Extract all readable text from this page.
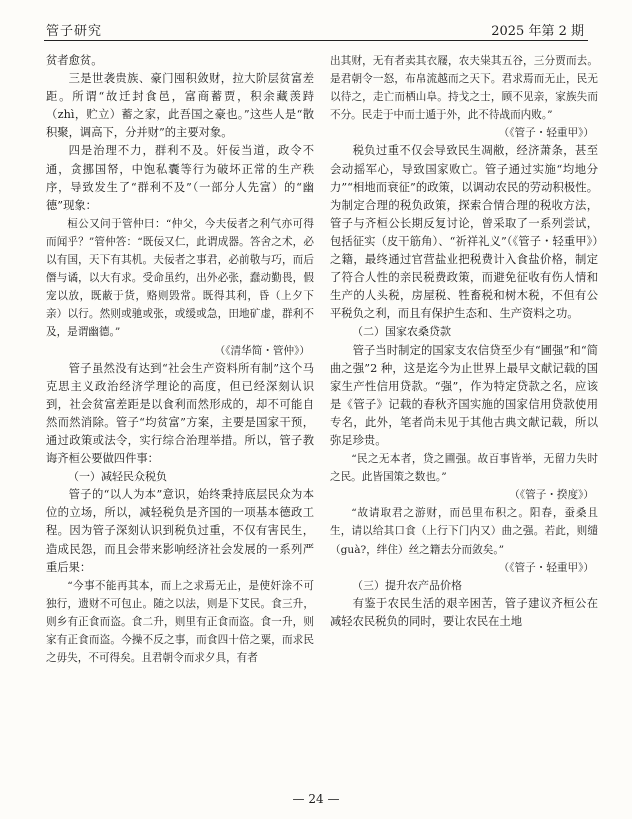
管子研究	2025 年第 2 期

贫者愈贫。

三是世袭贵族、豪门囤积敛财，拉大阶层贫富差距。所谓“故迁封食邑，富商蓄贾，积余藏羡跱（zhì，贮立）蓄之家，此吾国之豪也。”这些人是“散积聚，调高下，分并财”的主要对象。

四是治理不力，群利不及。奸佞当道，政令不通，贪挪国帑，中饱私囊等行为破坏正常的生产秩序，导致发生了“群利不及”（一部分人先富）的“幽德”现象：

桓公又问于管仲曰：“仲父，今夫佞者之利气亦可得而闻乎？”管仲答：“既佞又仁，此谓成器。答舍之术，必以有国，天下有其机。夫佞者之事君，必前敬与巧，而后僭与谲，以大有求。受命虽约，出外必张，蠢动勤畏，假宠以放，既蔽于货，赂则毁常。既得其利，昏（上夕下亲）以行。然则或驰或张，或缓或急，田地矿虚，群利不及，是谓幽德。”

（《清华简・管仲》）

管子虽然没有达到“社会生产资料所有制”这个马克思主义政治经济学理论的高度，但已经深刻认识到，社会贫富差距是以食利而然形成的，却不可能自然而然消除。管子“均贫富”方案，主要是国家干预，通过政策或法令，实行综合治理举措。所以，管子教诲齐桓公要做四件事：

（一）减轻民众税负

管子的“以人为本”意识，始终秉持底层民众为本位的立场，所以，减轻税负是齐国的一项基本德政工程。因为管子深刻认识到税负过重，不仅有害民生，造成民怨，而且会带来影响经济社会发展的一系列严重后果：

“今事不能再其本，而上之求焉无止，是使奸涂不可独行，遗财不可包止。随之以法，则是下艾民。食三升，则乡有正食而盗。食二升，则里有正食而盗。食一升，则家有正食而盗。今操不反之事，而食四十倍之粟，而求民之毋失，不可得矣。且君朝令而求夕具，有者

出其财，无有者卖其衣屦，农夫粜其五谷，三分贾而去。是君朝令一怒，布帛流越而之天下。君求焉而无止，民无以待之，走亡而栖山阜。持戈之士，顾不见亲，家族失而不分。民走于中而士遁于外，此不待战而内败。”

（《管子・轻重甲》）

税负过重不仅会导致民生凋敝，经济萧条，甚至会动摇军心，导致国家败亡。管子通过实施“均地分力”“相地而衰征”的政策，以调动农民的劳动积极性。为制定合理的税负政策，探索合情合理的税收方法，管子与齐桓公长期反复讨论，曾采取了一系列尝试，包括征实（皮干筋角）、“祈祥礼义”（《管子・轻重甲》）之籍，最终通过官营盐业把税费计入食盐价格，制定了符合人性的亲民税费政策，而避免征收有伤人情和生产的人头税，房屋税、牲畜税和树木税，不但有公平税负之利，而且有保护生态和、生产资料之功。

（二）国家农桑贷款

管子当时制定的国家支农信贷至少有“圃强”和“简曲之强”2 种，这是迄今为止世界上最早文献记载的国家生产性信用贷款。“强”，作为特定贷款之名，应该是《管子》记载的春秋齐国实施的国家信用贷款使用专名，此外，笔者尚未见于其他古典文献记载，所以弥足珍贵。

“民之无本者，贷之圃强。故百事皆举，无留力失时之民。此皆国策之数也。”

（《管子・揆度》）

“故请取君之游财，而邑里布积之。阳春，蚕桑且生，请以给其口食（上行下门内又）曲之强。若此，则缱（guà?，绊住）丝之籍去分而敛矣。”

（《管子・轻重甲》）

（三）提升农产品价格

有鉴于农民生活的艰辛困苦，管子建议齐桓公在减轻农民税负的同时，要让农民在土地

— 24 —
